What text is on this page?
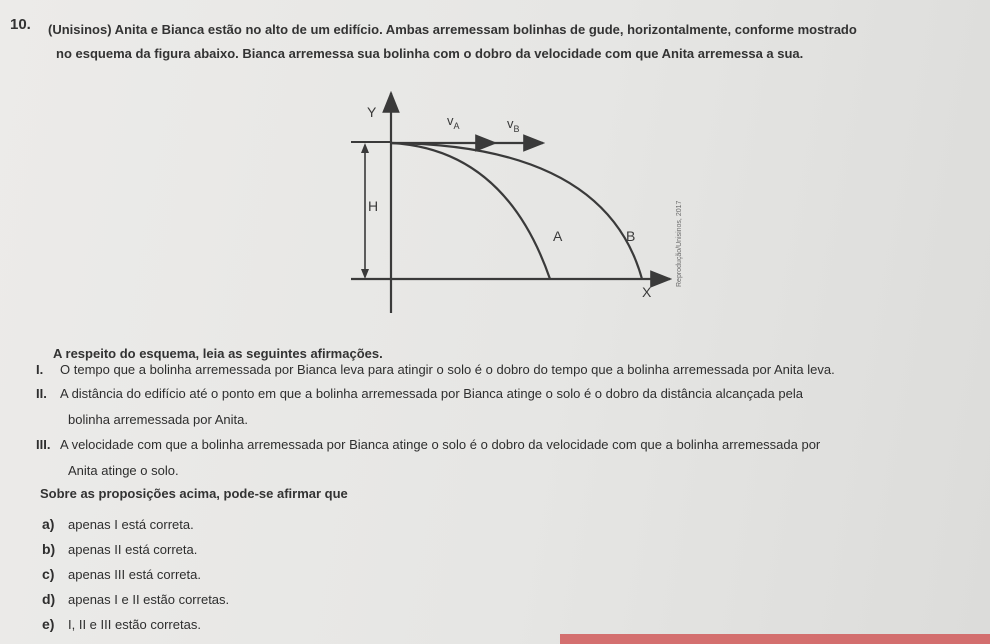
10. (Unisinos) Anita e Bianca estão no alto de um edifício. Ambas arremessam bolinhas de gude, horizontalmente, conforme mostrado
no esquema da figura abaixo. Bianca arremessa sua bolinha com o dobro da velocidade com que Anita arremessa a sua.
Y
X
H
$v_A$	$v_B$
A	B	Reprodução/Unisinos, 2017
A respeito do esquema, leia as seguintes afirmações.
I. O tempo que a bolinha arremessada por Bianca leva para atingir o solo é o dobro do tempo que a bolinha arremessada por Anita leva.
II. A distância do edifício até o ponto em que a bolinha arremessada por Bianca atinge o solo é o dobro da distância alcançada pela
bolinha arremessada por Anita.
III. A velocidade com que a bolinha arremessada por Bianca atinge o solo é o dobro da velocidade com que a bolinha arremessada por
Anita atinge o solo.
Sobre as proposições acima, pode-se afirmar que
a) apenas I está correta.
b) apenas II está correta.
c) apenas III está correta.
d) apenas I e II estão corretas.
e) I, II e III estão corretas.
